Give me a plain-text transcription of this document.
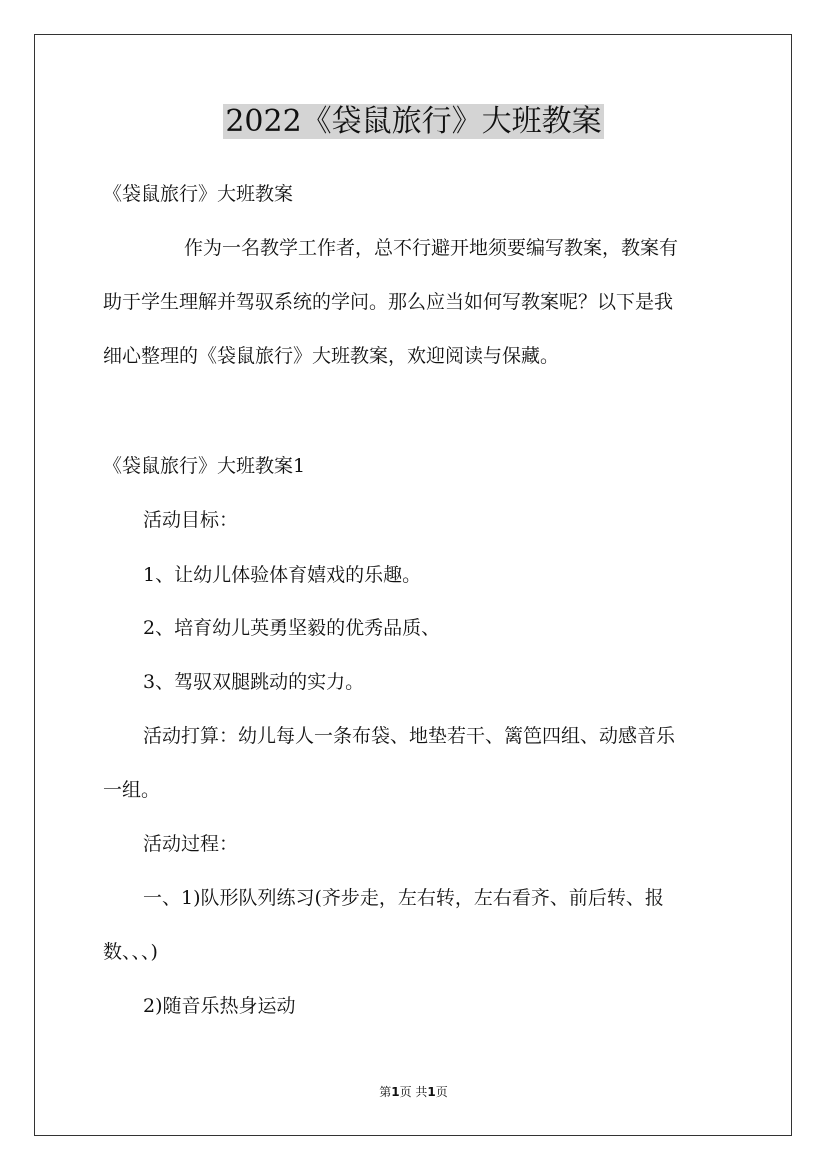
2022《袋鼠旅行》大班教案

《袋鼠旅行》大班教案

作为一名教学工作者，总不行避开地须要编写教案，教案有

助于学生理解并驾驭系统的学问。那么应当如何写教案呢？以下是我

细心整理的《袋鼠旅行》大班教案，欢迎阅读与保藏。

《袋鼠旅行》大班教案1

活动目标：

1、让幼儿体验体育嬉戏的乐趣。

2、培育幼儿英勇坚毅的优秀品质、

3、驾驭双腿跳动的实力。

活动打算：幼儿每人一条布袋、地垫若干、篱笆四组、动感音乐

一组。

活动过程：

一、1)队形队列练习(齐步走，左右转，左右看齐、前后转、报

数、、、)

2)随音乐热身运动

第1页 共1页
